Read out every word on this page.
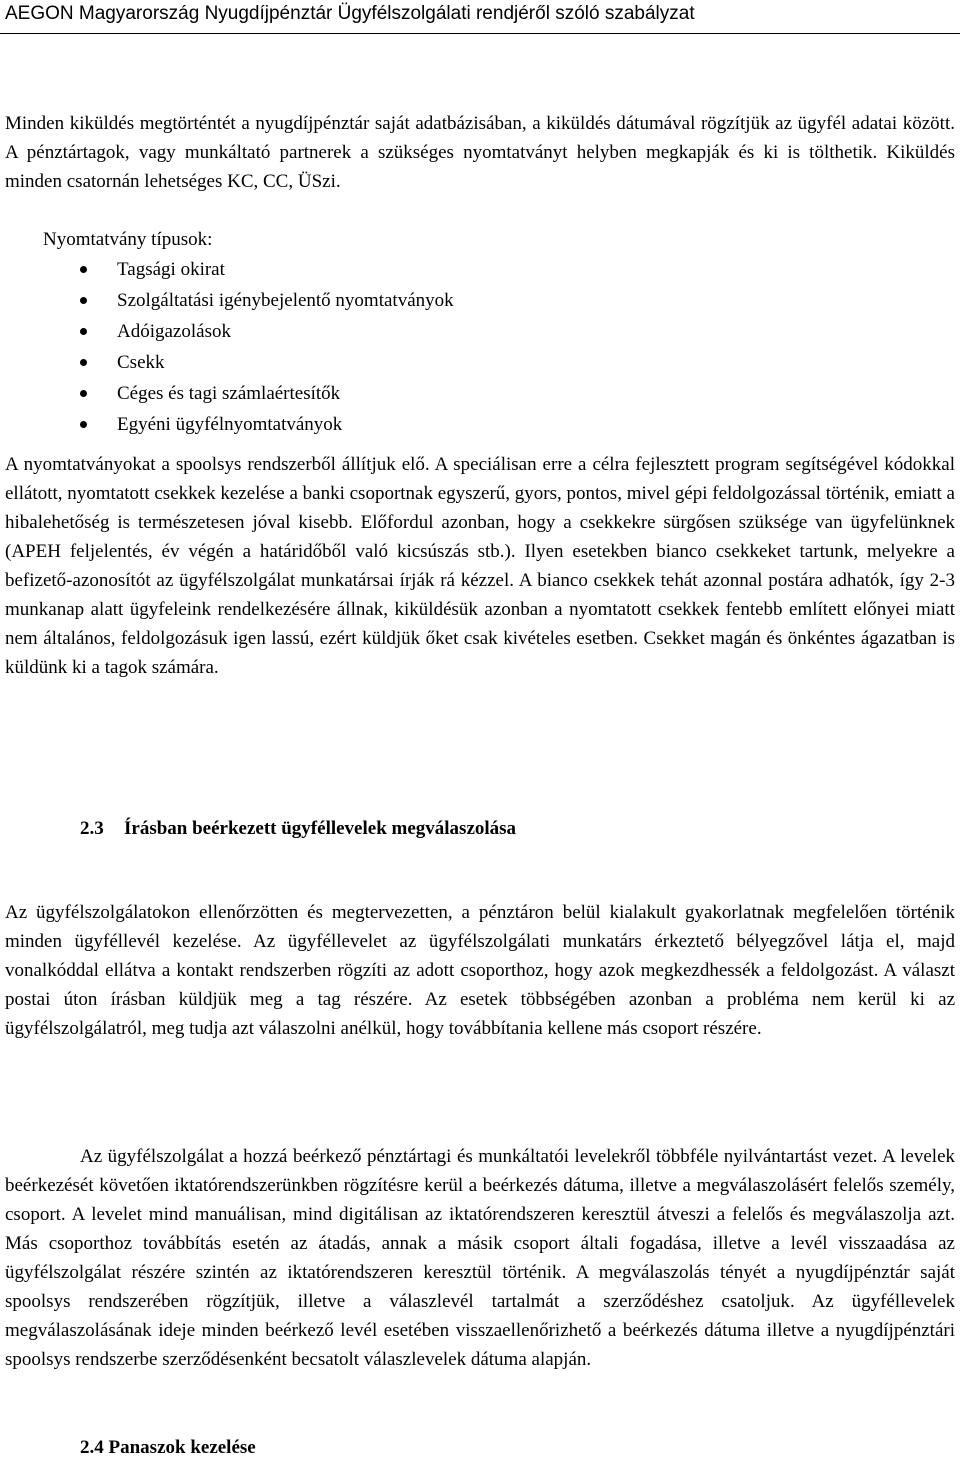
AEGON Magyarország Nyugdíjpénztár Ügyfélszolgálati rendjéről szóló szabályzat

Minden kiküldés megtörténtét a nyugdíjpénztár saját adatbázisában, a kiküldés dátumával rögzítjük az ügyfél adatai között. A pénztártagok, vagy munkáltató partnerek a szükséges nyomtatványt helyben megkapják és ki is tölthetik. Kiküldés minden csatornán lehetséges KC, CC, ÜSzi.

Nyomtatvány típusok:
Tagsági okirat
Szolgáltatási igénybejelentő nyomtatványok
Adóigazolások
Csekk
Céges és tagi számlaértesítők
Egyéni ügyfélnyomtatványok

A nyomtatványokat a spoolsys rendszerből állítjuk elő. A speciálisan erre a célra fejlesztett program segítségével kódokkal ellátott, nyomtatott csekkek kezelése a banki csoportnak egyszerű, gyors, pontos, mivel gépi feldolgozással történik, emiatt a hibalehetőség is természetesen jóval kisebb. Előfordul azonban, hogy a csekkekre sürgősen szüksége van ügyfelünknek (APEH feljelentés, év végén a határidőből való kicsúszás stb.). Ilyen esetekben bianco csekkeket tartunk, melyekre a befizető-azonosítót az ügyfélszolgálat munkatársai írják rá kézzel. A bianco csekkek tehát azonnal postára adhatók, így 2-3 munkanap alatt ügyfeleink rendelkezésére állnak, kiküldésük azonban a nyomtatott csekkek fentebb említett előnyei miatt nem általános, feldolgozásuk igen lassú, ezért küldjük őket csak kivételes esetben. Csekket magán és önkéntes ágazatban is küldünk ki a tagok számára.

2.3 Írásban beérkezett ügyféllevelek megválaszolása

Az ügyfélszolgálatokon ellenőrzötten és megtervezetten, a pénztáron belül kialakult gyakorlatnak megfelelően történik minden ügyféllevél kezelése. Az ügyféllevelet az ügyfélszolgálati munkatárs érkeztető bélyegzővel látja el, majd vonalkóddal ellátva a kontakt rendszerben rögzíti az adott csoporthoz, hogy azok megkezdhessék a feldolgozást. A választ postai úton írásban küldjük meg a tag részére. Az esetek többségében azonban a probléma nem kerül ki az ügyfélszolgálatról, meg tudja azt válaszolni anélkül, hogy továbbítania kellene más csoport részére.

Az ügyfélszolgálat a hozzá beérkező pénztártagi és munkáltatói levelekről többféle nyilvántartást vezet. A levelek beérkezését követően iktatórendszerünkben rögzítésre kerül a beérkezés dátuma, illetve a megválaszolásért felelős személy, csoport. A levelet mind manuálisan, mind digitálisan az iktatórendszeren keresztül átveszi a felelős és megválaszolja azt. Más csoporthoz továbbítás esetén az átadás, annak a másik csoport általi fogadása, illetve a levél visszaadása az ügyfélszolgálat részére szintén az iktatórendszeren keresztül történik. A megválaszolás tényét a nyugdíjpénztár saját spoolsys rendszerében rögzítjük, illetve a válaszlevél tartalmát a szerződéshez csatoljuk. Az ügyféllevelek megválaszolásának ideje minden beérkező levél esetében visszaellenőrizhető a beérkezés dátuma illetve a nyugdíjpénztári spoolsys rendszerbe szerződésenként becsatolt válaszlevelek dátuma alapján.

2.4 Panaszok kezelése
